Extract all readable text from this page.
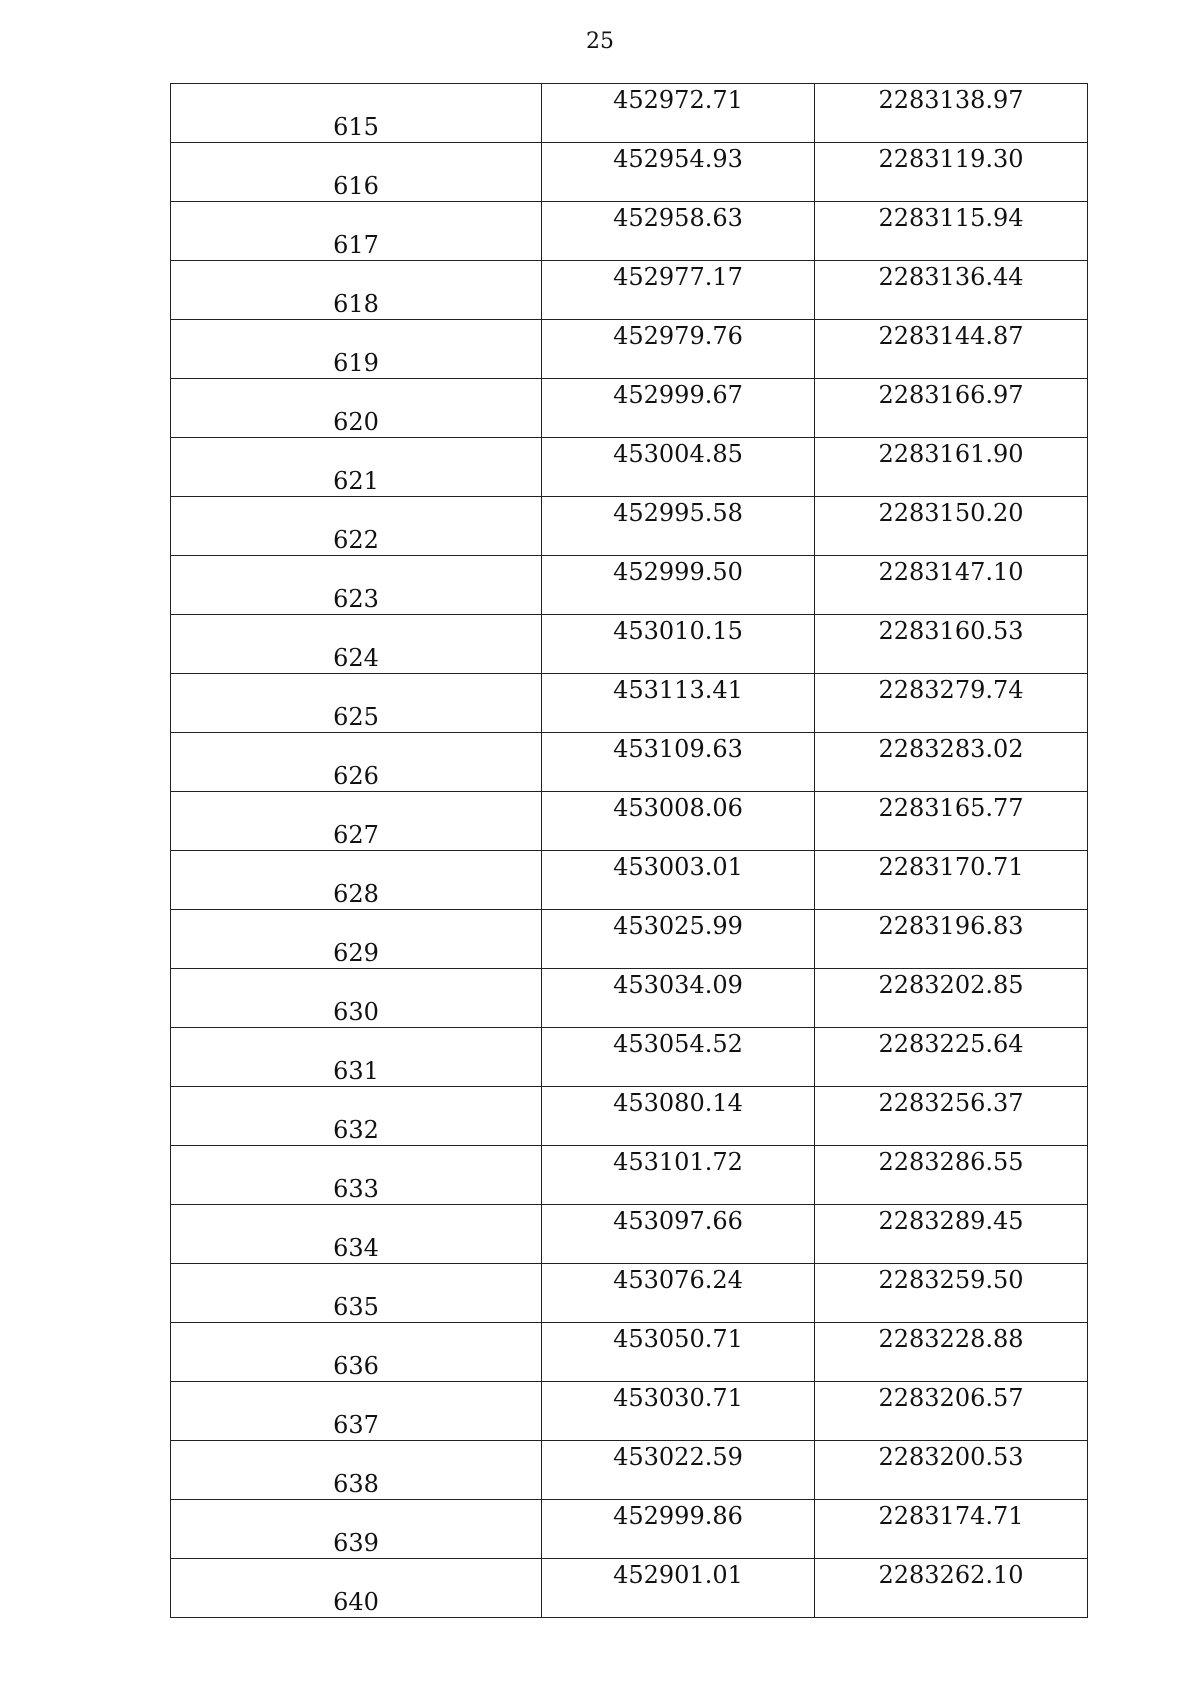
25
615	452972.71	2283138.97

616	452954.93	2283119.30

617	452958.63	2283115.94

618	452977.17	2283136.44

619	452979.76	2283144.87

620	452999.67	2283166.97

621	453004.85	2283161.90

622	452995.58	2283150.20

623	452999.50	2283147.10

624	453010.15	2283160.53

625	453113.41	2283279.74

626	453109.63	2283283.02

627	453008.06	2283165.77

628	453003.01	2283170.71

629	453025.99	2283196.83

630	453034.09	2283202.85

631	453054.52	2283225.64

632	453080.14	2283256.37

633	453101.72	2283286.55

634	453097.66	2283289.45

635	453076.24	2283259.50

636	453050.71	2283228.88

637	453030.71	2283206.57

638	453022.59	2283200.53

639	452999.86	2283174.71

640	452901.01	2283262.10
